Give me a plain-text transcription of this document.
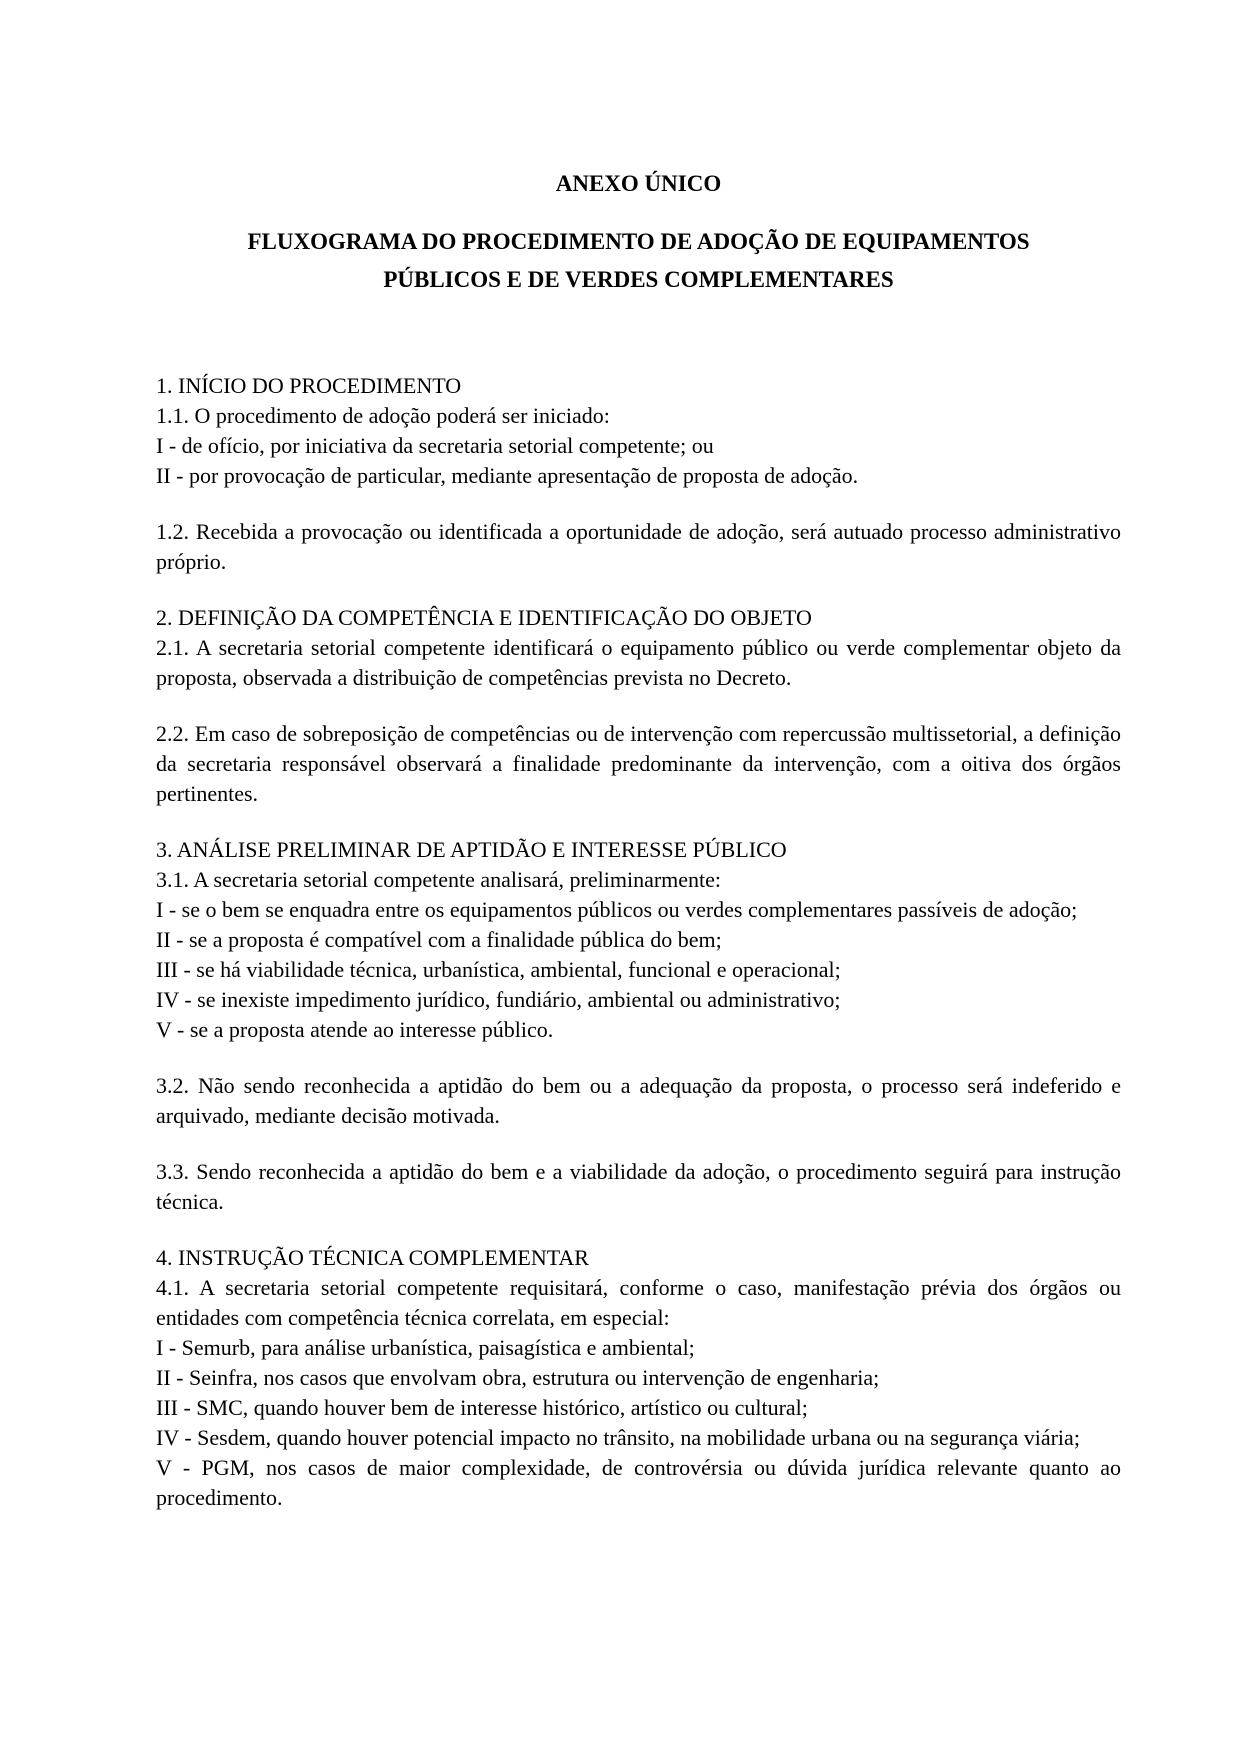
ANEXO ÚNICO
FLUXOGRAMA DO PROCEDIMENTO DE ADOÇÃO DE EQUIPAMENTOS
PÚBLICOS E DE VERDES COMPLEMENTARES

1. INÍCIO DO PROCEDIMENTO

1.1. O procedimento de adoção poderá ser iniciado:

I - de ofício, por iniciativa da secretaria setorial competente; ou

II - por provocação de particular, mediante apresentação de proposta de adoção.

1.2. Recebida a provocação ou identificada a oportunidade de adoção, será autuado processo administrativo próprio.

2. DEFINIÇÃO DA COMPETÊNCIA E IDENTIFICAÇÃO DO OBJETO

2.1. A secretaria setorial competente identificará o equipamento público ou verde complementar objeto da proposta, observada a distribuição de competências prevista no Decreto.

2.2. Em caso de sobreposição de competências ou de intervenção com repercussão multissetorial, a definição da secretaria responsável observará a finalidade predominante da intervenção, com a oitiva dos órgãos pertinentes.

3. ANÁLISE PRELIMINAR DE APTIDÃO E INTERESSE PÚBLICO

3.1. A secretaria setorial competente analisará, preliminarmente:

I - se o bem se enquadra entre os equipamentos públicos ou verdes complementares passíveis de adoção;

II - se a proposta é compatível com a finalidade pública do bem;

III - se há viabilidade técnica, urbanística, ambiental, funcional e operacional;

IV - se inexiste impedimento jurídico, fundiário, ambiental ou administrativo;

V - se a proposta atende ao interesse público.

3.2. Não sendo reconhecida a aptidão do bem ou a adequação da proposta, o processo será indeferido e arquivado, mediante decisão motivada.

3.3. Sendo reconhecida a aptidão do bem e a viabilidade da adoção, o procedimento seguirá para instrução técnica.

4. INSTRUÇÃO TÉCNICA COMPLEMENTAR

4.1. A secretaria setorial competente requisitará, conforme o caso, manifestação prévia dos órgãos ou entidades com competência técnica correlata, em especial:

I - Semurb, para análise urbanística, paisagística e ambiental;

II - Seinfra, nos casos que envolvam obra, estrutura ou intervenção de engenharia;

III - SMC, quando houver bem de interesse histórico, artístico ou cultural;

IV - Sesdem, quando houver potencial impacto no trânsito, na mobilidade urbana ou na segurança viária;

V - PGM, nos casos de maior complexidade, de controvérsia ou dúvida jurídica relevante quanto ao procedimento.
